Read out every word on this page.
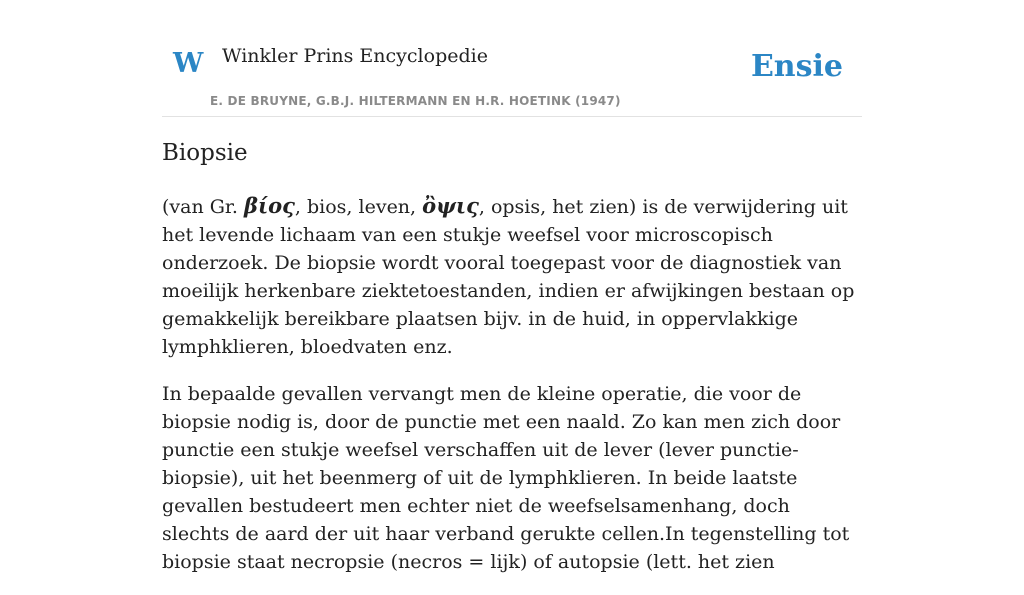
W Winkler Prins Encyclopedie
E. DE BRUYNE, G.B.J. HILTERMANN EN H.R. HOETINK (1947)
Ensie
Biopsie

(van Gr. βίος, bios, leven, ὂψις, opsis, het zien) is de verwijdering uit het levende lichaam van een stukje weefsel voor microscopisch onderzoek. De biopsie wordt vooral toegepast voor de diagnostiek van moeilijk herkenbare ziektetoestanden, indien er afwijkingen bestaan op gemakkelijk bereikbare plaatsen bijv. in de huid, in oppervlakkige lymphklieren, bloedvaten enz.

In bepaalde gevallen vervangt men de kleine operatie, die voor de biopsie nodig is, door de punctie met een naald. Zo kan men zich door punctie een stukje weefsel verschaffen uit de lever (lever punctie-biopsie), uit het beenmerg of uit de lymphklieren. In beide laatste gevallen bestudeert men echter niet de weefselsamenhang, doch slechts de aard der uit haar verband gerukte cellen.In tegenstelling tot biopsie staat necropsie (necros = lijk) of autopsie (lett. het zien
